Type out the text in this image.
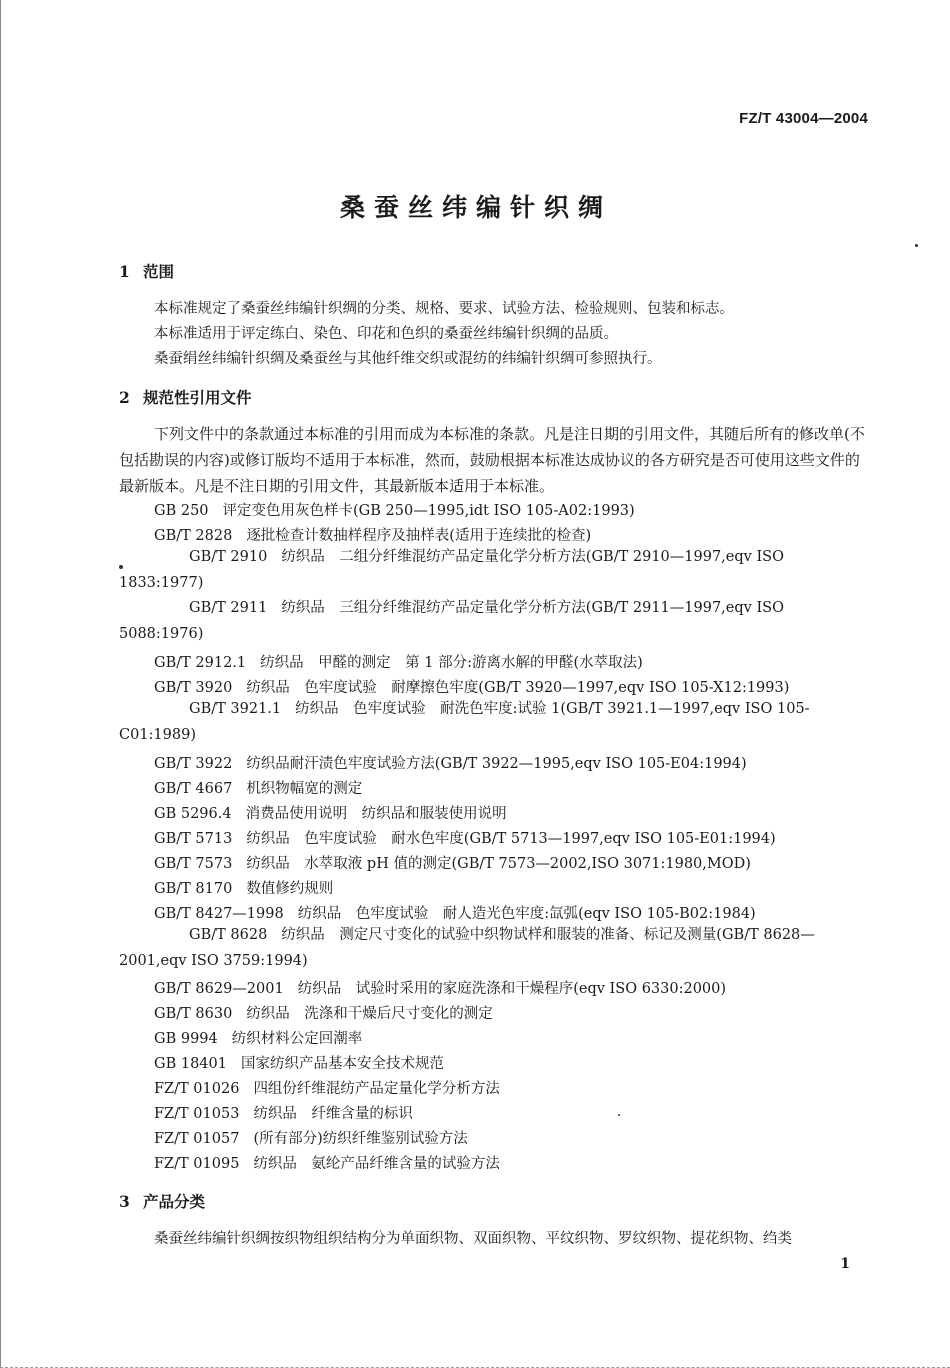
FZ/T 43004—2004
桑蚕丝纬编针织绸
1 范围
本标准规定了桑蚕丝纬编针织绸的分类、规格、要求、试验方法、检验规则、包装和标志。
本标准适用于评定练白、染色、印花和色织的桑蚕丝纬编针织绸的品质。
桑蚕绢丝纬编针织绸及桑蚕丝与其他纤维交织或混纺的纬编针织绸可参照执行。
2 规范性引用文件
下列文件中的条款通过本标准的引用而成为本标准的条款。凡是注日期的引用文件，其随后所有的修改单(不包括勘误的内容)或修订版均不适用于本标准，然而，鼓励根据本标准达成协议的各方研究是否可使用这些文件的最新版本。凡是不注日期的引用文件，其最新版本适用于本标准。
GB 250 评定变色用灰色样卡(GB 250—1995,idt ISO 105-A02:1993)
GB/T 2828 逐批检查计数抽样程序及抽样表(适用于连续批的检查)
GB/T 2910 纺织品　二组分纤维混纺产品定量化学分析方法(GB/T 2910—1997,eqv ISO 1833:1977)
GB/T 2911 纺织品　三组分纤维混纺产品定量化学分析方法(GB/T 2911—1997,eqv ISO 5088:1976)
GB/T 2912.1 纺织品　甲醛的测定　第 1 部分:游离水解的甲醛(水萃取法)
GB/T 3920 纺织品　色牢度试验　耐摩擦色牢度(GB/T 3920—1997,eqv ISO 105-X12:1993)
GB/T 3921.1 纺织品　色牢度试验　耐洗色牢度:试验 1(GB/T 3921.1—1997,eqv ISO 105-C01:1989)
GB/T 3922 纺织品耐汗渍色牢度试验方法(GB/T 3922—1995,eqv ISO 105-E04:1994)
GB/T 4667 机织物幅宽的测定
GB 5296.4 消费品使用说明　纺织品和服装使用说明
GB/T 5713 纺织品　色牢度试验　耐水色牢度(GB/T 5713—1997,eqv ISO 105-E01:1994)
GB/T 7573 纺织品　水萃取液 pH 值的测定(GB/T 7573—2002,ISO 3071:1980,MOD)
GB/T 8170 数值修约规则
GB/T 8427—1998 纺织品　色牢度试验　耐人造光色牢度:氙弧(eqv ISO 105-B02:1984)
GB/T 8628 纺织品　测定尺寸变化的试验中织物试样和服装的准备、标记及测量(GB/T 8628—2001,eqv ISO 3759:1994)
GB/T 8629—2001 纺织品　试验时采用的家庭洗涤和干燥程序(eqv ISO 6330:2000)
GB/T 8630 纺织品　洗涤和干燥后尺寸变化的测定
GB 9994 纺织材料公定回潮率
GB 18401 国家纺织产品基本安全技术规范
FZ/T 01026 四组份纤维混纺产品定量化学分析方法
FZ/T 01053 纺织品　纤维含量的标识
FZ/T 01057 (所有部分)纺织纤维鉴别试验方法
FZ/T 01095 纺织品　氨纶产品纤维含量的试验方法
3 产品分类
桑蚕丝纬编针织绸按织物组织结构分为单面织物、双面织物、平纹织物、罗纹织物、提花织物、绉类
1
